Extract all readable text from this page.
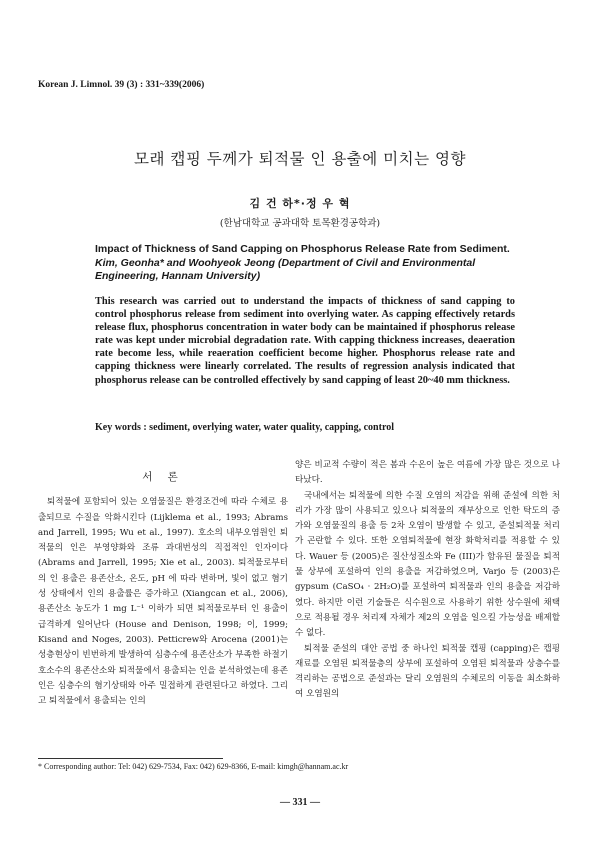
Korean J. Limnol. 39 (3) : 331~339(2006)
모래 캡핑 두께가 퇴적물 인 용출에 미치는 영향
김 건 하*·정 우 혁
(한남대학교 공과대학 토목환경공학과)
Impact of Thickness of Sand Capping on Phosphorus Release Rate from Sediment. Kim, Geonha* and Woohyeok Jeong (Department of Civil and Environmental Engineering, Hannam University)
This research was carried out to understand the impacts of thickness of sand capping to control phosphorus release from sediment into overlying water. As capping effectively retards release flux, phosphorus concentration in water body can be maintained if phosphorus release rate was kept under microbial degradation rate. With capping thickness increases, deaeration rate become less, while reaeration coefficient become higher. Phosphorus release rate and capping thickness were linearly correlated. The results of regression analysis indicated that phosphorus release can be controlled effectively by sand capping of least 20~40 mm thickness.
Key words : sediment, overlying water, water quality, capping, control
서 론

퇴적물에 포함되어 있는 오염물질은 환경조건에 따라 수체로 용출되므로 수질을 악화시킨다 (Lijklema et al., 1993; Abrams and Jarrell, 1995; Wu et al., 1997). 호소의 내부오염원인 퇴적물의 인은 부영양화와 조류 과대번성의 직접적인 인자이다 (Abrams and Jarrell, 1995; Xie et al., 2003). 퇴적물로부터의 인 용출은 용존산소, 온도, pH 에 따라 변하며, 빛이 없고 혐기성 상태에서 인의 용출률은 증가하고 (Xiangcan et al., 2006), 용존산소 농도가 1 mg L⁻¹ 이하가 되면 퇴적물로부터 인 용출이 급격하게 일어난다 (House and Denison, 1998; 이, 1999; Kisand and Noges, 2003). Petticrew와 Arocena (2001)는 성층현상이 빈번하게 발생하여 심층수에 용존산소가 부족한 하절기 호소수의 용존산소와 퇴적물에서 용출되는 인을 분석하였는데 용존인은 심층수의 혐기상태와 아주 밀접하게 관련된다고 하였다. 그리고 퇴적물에서 용출되는 인의

양은 비교적 수량이 적은 봄과 수온이 높은 여름에 가장 많은 것으로 나타났다.

국내에서는 퇴적물에 의한 수질 오염의 저감을 위해 준설에 의한 처리가 가장 많이 사용되고 있으나 퇴적물의 재부상으로 인한 탁도의 증가와 오염물질의 용출 등 2차 오염이 발생할 수 있고, 준설퇴적물 처리가 곤란할 수 있다. 또한 오염퇴적물에 현장 화학처리를 적용할 수 있다. Wauer 등 (2005)은 질산성질소와 Fe (III)가 함유된 물질을 퇴적물 상부에 포설하여 인의 용출을 저감하였으며, Varjo 등 (2003)은 gypsum (CaSO₄ · 2H₂O)를 포설하여 퇴적물과 인의 용출을 저감하였다. 하지만 이런 기술들은 식수원으로 사용하기 위한 상수원에 채택으로 적용될 경우 처리제 자체가 제2의 오염을 일으킬 가능성을 배제할 수 없다.

퇴적물 준설의 대안 공법 중 하나인 퇴적물 캡핑 (capping)은 캡핑 재료를 오염된 퇴적물층의 상부에 포설하여 오염된 퇴적물과 상층수를 격리하는 공법으로 준설과는 달리 오염원의 수체로의 이동을 최소화하여 오염원의

* Corresponding author: Tel: 042) 629-7534, Fax: 042) 629-8366, E-mail: kimgh@hannam.ac.kr
— 331 —
